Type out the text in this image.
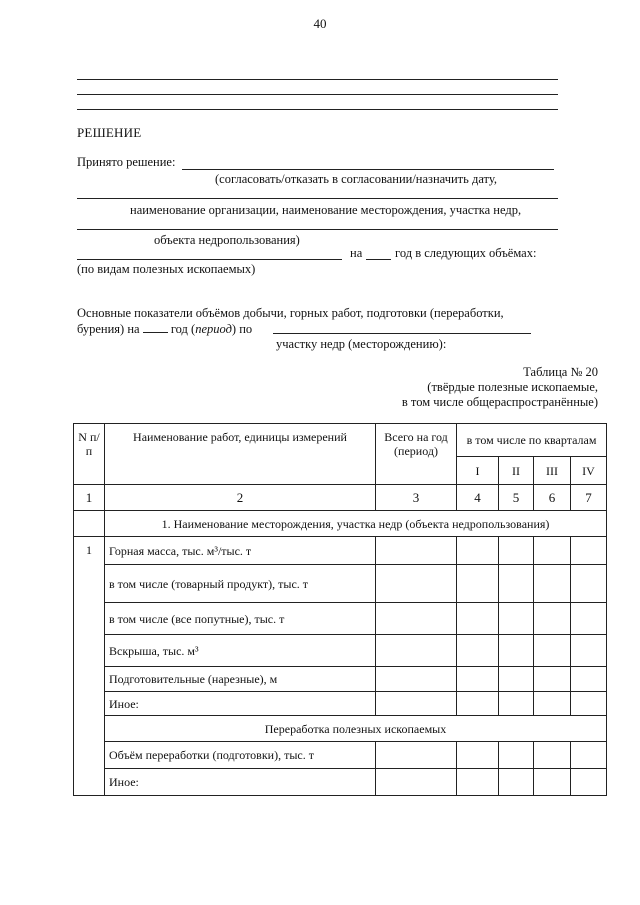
40
РЕШЕНИЕ
Принято решение:
(согласовать/отказать в согласовании/назначить дату,
наименование организации, наименование месторождения, участка недр,
объекта недропользования)
на	год в следующих объёмах:
(по видам полезных ископаемых)
Основные показатели объёмов добычи, горных работ, подготовки (переработки,
бурения) на	год (период) по
участку недр (месторождению):
Таблица № 20
(твёрдые полезные ископаемые,
в том числе общераспространённые)
N п/п	Наименование работ, единицы измерений	Всего на год (период)	в том числе по кварталам			
			I	II	III	IV
1	2	3	4	5	6	7
	1. Наименование месторождения, участка недр (объекта недропользования)					
1	Горная масса, тыс. м³/тыс. т					
	в том числе (товарный продукт), тыс. т					
	в том числе (все попутные), тыс. т					
	Вскрыша, тыс. м³					
	Подготовительные (нарезные), м					
	Иное:					
	Переработка полезных ископаемых					
	Объём переработки (подготовки), тыс. т					
	Иное:					
